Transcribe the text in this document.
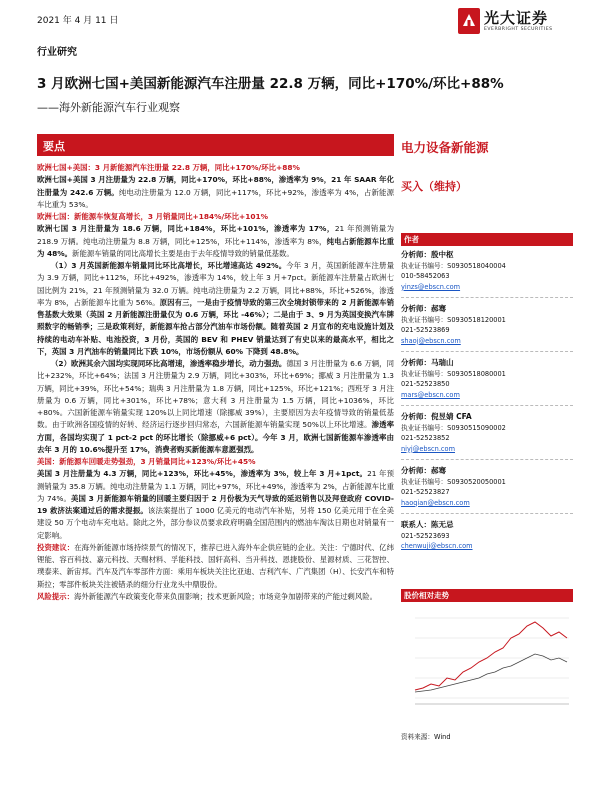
2021 年 4 月 11 日	光大证券
EVERBRIGHT SECURITIES
行业研究
3 月欧洲七国+美国新能源汽车注册量 22.8 万辆，同比+170%/环比+88%
——海外新能源汽车行业观察
要点

欧洲七国+美国：3 月新能源汽车注册量 22.8 万辆，同比+170%/环比+88%

欧洲七国+美国 3 月注册量为 22.8 万辆，同比+170%，环比+88%，渗透率为 9%，21 年 SAAR 年化注册量为 242.6 万辆。纯电动注册量为 12.0 万辆，同比+117%，环比+92%，渗透率为 4%，占新能源车比重为 53%。

欧洲七国：新能源车恢复高增长，3 月销量同比+184%/环比+101%

欧洲七国 3 月注册量为 18.6 万辆，同比+184%，环比+101%，渗透率为 17%，21 年预测销量为 218.9 万辆。纯电动注册量为 8.8 万辆，同比+125%，环比+114%，渗透率为 8%，纯电占新能源车比重为 48%。新能源车销量的同比高增长主要是由于去年疫情导致的销量低基数。

（1）3 月英国新能源车销量同比环比高增长，环比增速高达 492%。今年 3 月，英国新能源车注册量为 3.9 万辆，同比+112%，环比+492%，渗透率为 14%，较上年 3 月+7pct。新能源车注册量占欧洲七国比例为 21%，21 年预测销量为 32.0 万辆。纯电动注册量为 2.2 万辆，同比+88%，环比+526%，渗透率为 8%，占新能源车比重为 56%。原因有三，一是由于疫情导致的第三次全境封锁带来的 2 月新能源车销售基数大效果（英国 2 月新能源注册量仅为 0.6 万辆，环比 -46%）；二是由于 3、9 月为英国变换汽车牌照数字的畅销季；三是政策利好，新能源车抢占部分汽油车市场份额。随着英国 2 月宣布的充电设施计划及持续的电动车补贴、电池投资，3 月份，英国的 BEV 和 PHEV 销量达到了有史以来的最高水平，相比之下，英国 3 月汽油车的销量同比下跌 10%，市场份额从 60% 下降到 48.8%。

（2）欧洲其余六国均实现同环比高增速，渗透率稳步增长，动力强劲。德国 3 月注册量为 6.6 万辆，同比+232%，环比+64%；法国 3 月注册量为 2.9 万辆，同比+303%，环比+69%；挪威 3 月注册量为 1.3 万辆，同比+39%，环比+54%；瑞典 3 月注册量为 1.8 万辆，同比+125%，环比+121%；西班牙 3 月注册量为 0.6 万辆，同比+301%，环比+78%；意大利 3 月注册量为 1.5 万辆，同比+1036%，环比+80%。六国新能源车销量实现 120%以上同比增速（除挪威 39%），主要原因为去年疫情导致的销量低基数。由于欧洲各国疫情的好转、经济运行逐步回归常态，六国新能源车销量实现 50%以上环比增速。渗透率方面，各国均实现了 1 pct-2 pct 的环比增长（除挪威+6 pct）。今年 3 月，欧洲七国新能源车渗透率由去年 3 月的 10.6%提升至 17%，消费者购买新能源车意愿强烈。

美国：新能源车回暖走势强劲，3 月销量同比+123%/环比+45%

美国 3 月注册量为 4.3 万辆，同比+123%，环比+45%，渗透率为 3%，较上年 3 月+1pct。21 年预测销量为 35.8 万辆。纯电动注册量为 1.1 万辆，同比+97%，环比+49%，渗透率为 2%，占新能源车比重为 74%。美国 3 月新能源车销量的回暖主要归因于 2 月份极为天气导致的延迟销售以及拜登政府 COVID-19 救济法案通过后的需求提振。该法案提出了 1000 亿美元的电动汽车补贴，另将 150 亿美元用于在全美建设 50 万个电动车充电站。除此之外，部分参议员要求政府明确全国范围内的燃油车淘汰日期也对销量有一定影响。

投资建议：在海外新能源市场持续景气的情况下，推荐已进入海外车企供应链的企业。关注：宁德时代、亿纬锂能、容百科技、嘉元科技、天赐材料、孚能科技、国轩高科、当升科技、恩捷股份、星源材质、三花智控、璞泰来、新宙邦。汽车及汽车零部件方面：乘用车板块关注比亚迪、吉利汽车、广汽集团（H）、长安汽车和特斯拉；零部件板块关注被错杀的细分行业龙头中鼎股份。

风险提示：海外新能源汽车政策变化带来负面影响；技术更新风险；市场竞争加剧带来的产能过剩风险。

电力设备新能源
买入（维持）
作者
分析师：殷中枢
执业证书编号：S0930518040004
010-58452063
yinzs@ebscn.com
分析师：郝骞
执业证书编号：S0930518120001
021-52523869
shaoj@ebscn.com
分析师：马瑞山
执业证书编号：S0930518080001
021-52523850
mars@ebscn.com
分析师：倪昱婧 CFA
执业证书编号：S0930515090002
021-52523852
niyj@ebscn.com
分析师：郝骞
执业证书编号：S0930520050001
021-52523827
haoqian@ebscn.com
联系人：陈无忌
021-52523693
chenwuji@ebscn.com
股价相对走势
资料来源：Wind
